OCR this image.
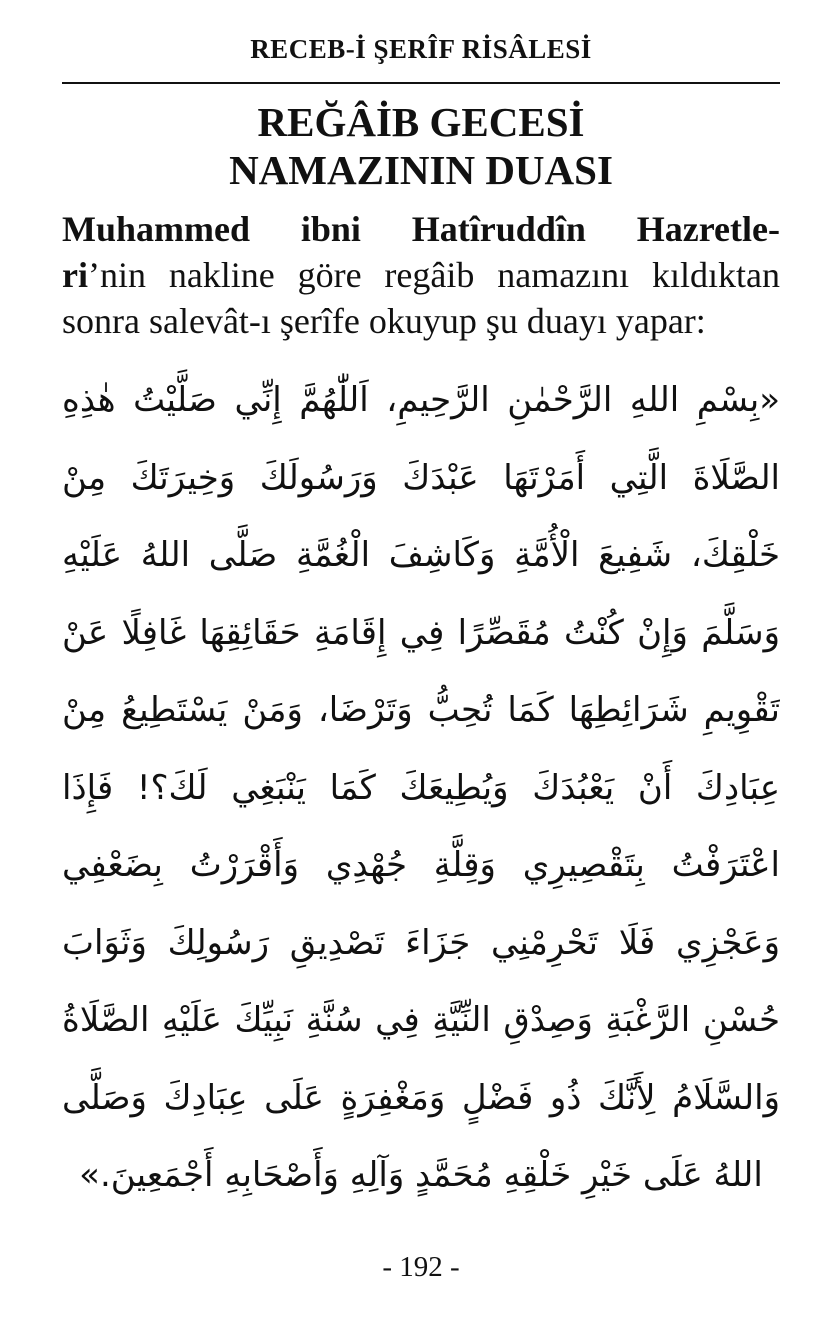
RECEB-İ ŞERÎF RİSÂLESİ
REĞÂİB GECESİ
NAMAZININ DUASI
Muhammed ibni Hatîruddîn Hazretle-
ri’nin nakline göre regâib namazını kıldıktan
sonra salevât-ı şerîfe okuyup şu duayı yapar:
«بِسْمِ اللهِ الرَّحْمٰنِ الرَّحِيمِ، اَللّٰهُمَّ إِنِّي صَلَّيْتُ هٰذِهِ
الصَّلَاةَ الَّتِي أَمَرْتَهَا عَبْدَكَ وَرَسُولَكَ وَخِيرَتَكَ مِنْ
خَلْقِكَ، شَفِيعَ الْأُمَّةِ وَكَاشِفَ الْغُمَّةِ صَلَّى اللهُ عَلَيْهِ
وَسَلَّمَ وَإِنْ كُنْتُ مُقَصِّرًا فِي إِقَامَةِ حَقَائِقِهَا غَافِلًا عَنْ
تَقْوِيمِ شَرَائِطِهَا كَمَا تُحِبُّ وَتَرْضَا، وَمَنْ يَسْتَطِيعُ مِنْ
عِبَادِكَ أَنْ يَعْبُدَكَ وَيُطِيعَكَ كَمَا يَنْبَغِي لَكَ؟! فَإِذَا
اعْتَرَفْتُ بِتَقْصِيرِي وَقِلَّةِ جُهْدِي وَأَقْرَرْتُ بِضَعْفِي
وَعَجْزِي فَلَا تَحْرِمْنِي جَزَاءَ تَصْدِيقِ رَسُولِكَ وَثَوَابَ
حُسْنِ الرَّغْبَةِ وَصِدْقِ النِّيَّةِ فِي سُنَّةِ نَبِيِّكَ عَلَيْهِ الصَّلَاةُ
وَالسَّلَامُ لِأَنَّكَ ذُو فَضْلٍ وَمَغْفِرَةٍ عَلَى عِبَادِكَ وَصَلَّى
اللهُ عَلَى خَيْرِ خَلْقِهِ مُحَمَّدٍ وَآلِهِ وَأَصْحَابِهِ أَجْمَعِينَ.»
- 192 -
